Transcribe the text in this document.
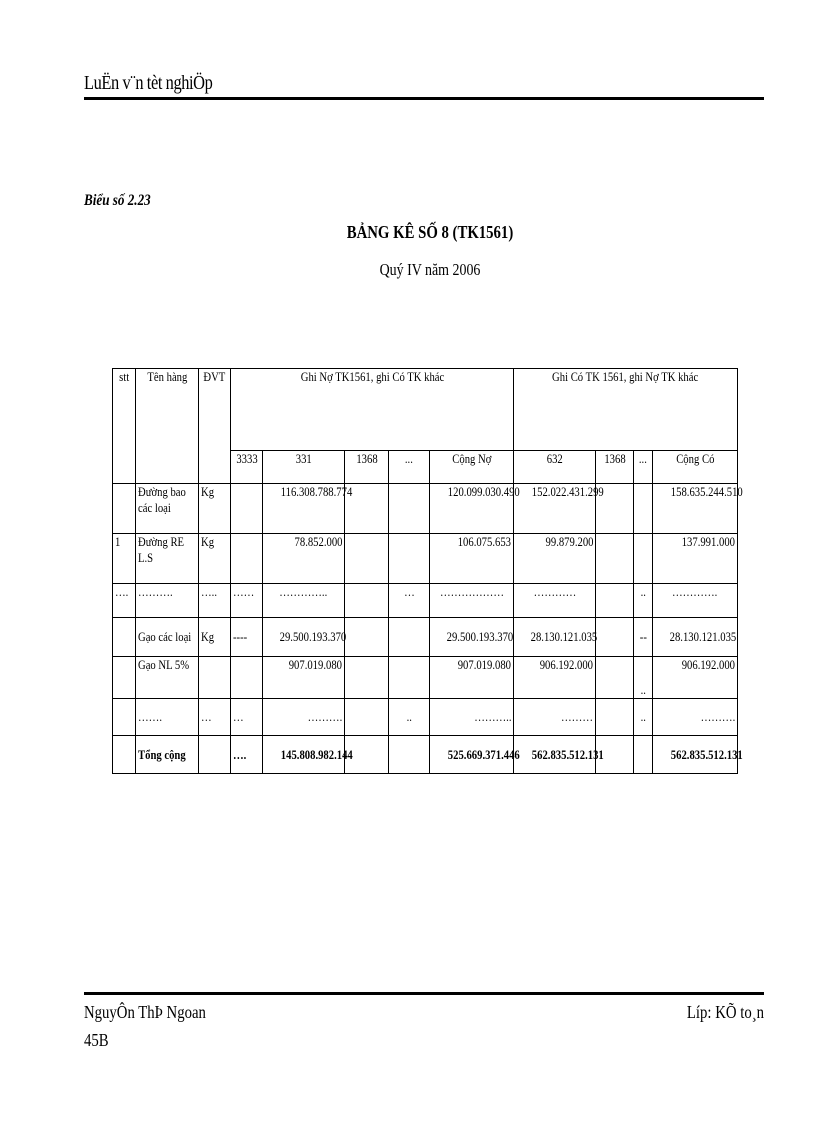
LuËn v¨n tèt nghiÖp
Biểu số 2.23
BẢNG KÊ SỐ 8 (TK1561)
Quý IV năm 2006
stt	Tên hàng	ĐVT	Ghi Nợ TK1561, ghi Có TK khác					Ghi Có TK 1561, ghi Nợ TK khác			
			3333	331	1368	...	Cộng Nợ	632	1368	...	Cộng Có

	Đường bao các loại	Kg		116.308.788.774			120.099.030.490	152.022.431.299			158.635.244.510
1	Đường RE L.S	Kg		78.852.000			106.075.653	99.879.200			137.991.000
….	……….	…..	……	…………..		…	………………	…………		..	………….
	Gạo các loại	Kg	----	29.500.193.370			29.500.193.370	28.130.121.035		--	28.130.121.035
	Gạo NL 5%			907.019.080			907.019.080	906.192.000		..	906.192.000
	…….	…	…	……….		..	………..	………		..	……….
	Tổng cộng		….	145.808.982.144			525.669.371.446	562.835.512.131			562.835.512.131
NguyÔn ThÞ Ngoan
45B
Líp: KÕ to¸n
